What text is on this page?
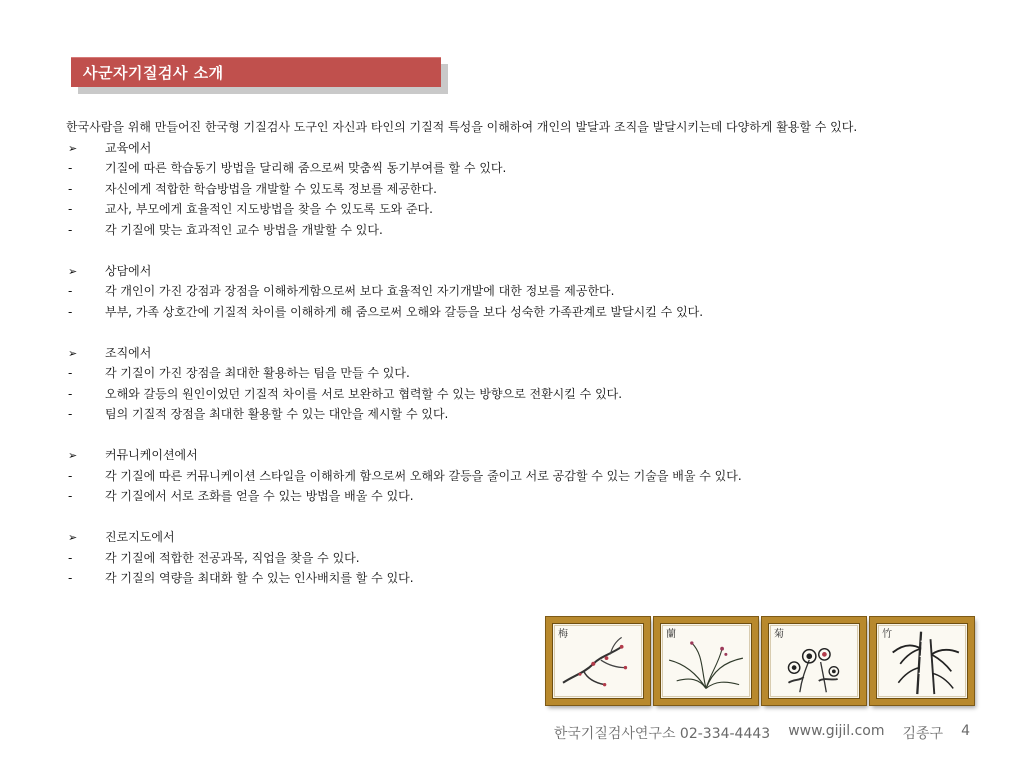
사군자기질검사 소개

한국사람을 위해 만들어진 한국형 기질검사 도구인 자신과 타인의 기질적 특성을 이해하여 개인의 발달과 조직을 발달시키는데 다양하게 활용할 수 있다.

➢	교육에서
-	기질에 따른 학습동기 방법을 달리해 줌으로써 맞춤씩 동기부여를 할 수 있다.
-	자신에게 적합한 학습방법을 개발할 수 있도록 정보를 제공한다.
-	교사, 부모에게 효율적인 지도방법을 찾을 수 있도록 도와 준다.
-	각 기질에 맞는 효과적인 교수 방법을 개발할 수 있다.
➢	상담에서
-	각 개인이 가진 강점과 장점을 이해하게함으로써 보다 효율적인 자기개발에 대한 정보를 제공한다.
-	부부, 가족 상호간에 기질적 차이를 이해하게 해 줌으로써 오해와 갈등을 보다 성숙한 가족관계로 발달시킬 수 있다.
➢	조직에서
-	각 기질이 가진 장점을 최대한 활용하는 팀을 만들 수 있다.
-	오해와 갈등의 원인이었던 기질적 차이를 서로 보완하고 협력할 수 있는 방향으로 전환시킬 수 있다.
-	팀의 기질적 장점을 최대한 활용할 수 있는 대안을 제시할 수 있다.
➢	커뮤니케이션에서
-	각 기질에 따른 커뮤니케이션 스타일을 이해하게 함으로써 오해와 갈등을 줄이고 서로 공감할 수 있는 기술을 배울 수 있다.
-	각 기질에서 서로 조화를 얻을 수 있는 방법을 배울 수 있다.
➢	진로지도에서
-	각 기질에 적합한 전공과목, 직업을 찾을 수 있다.
-	각 기질의 역량을 최대화 할 수 있는 인사배치를 할 수 있다.
梅	蘭	菊	竹
한국기질검사연구소 02-334-4443 www.gijil.com 김종구 4
